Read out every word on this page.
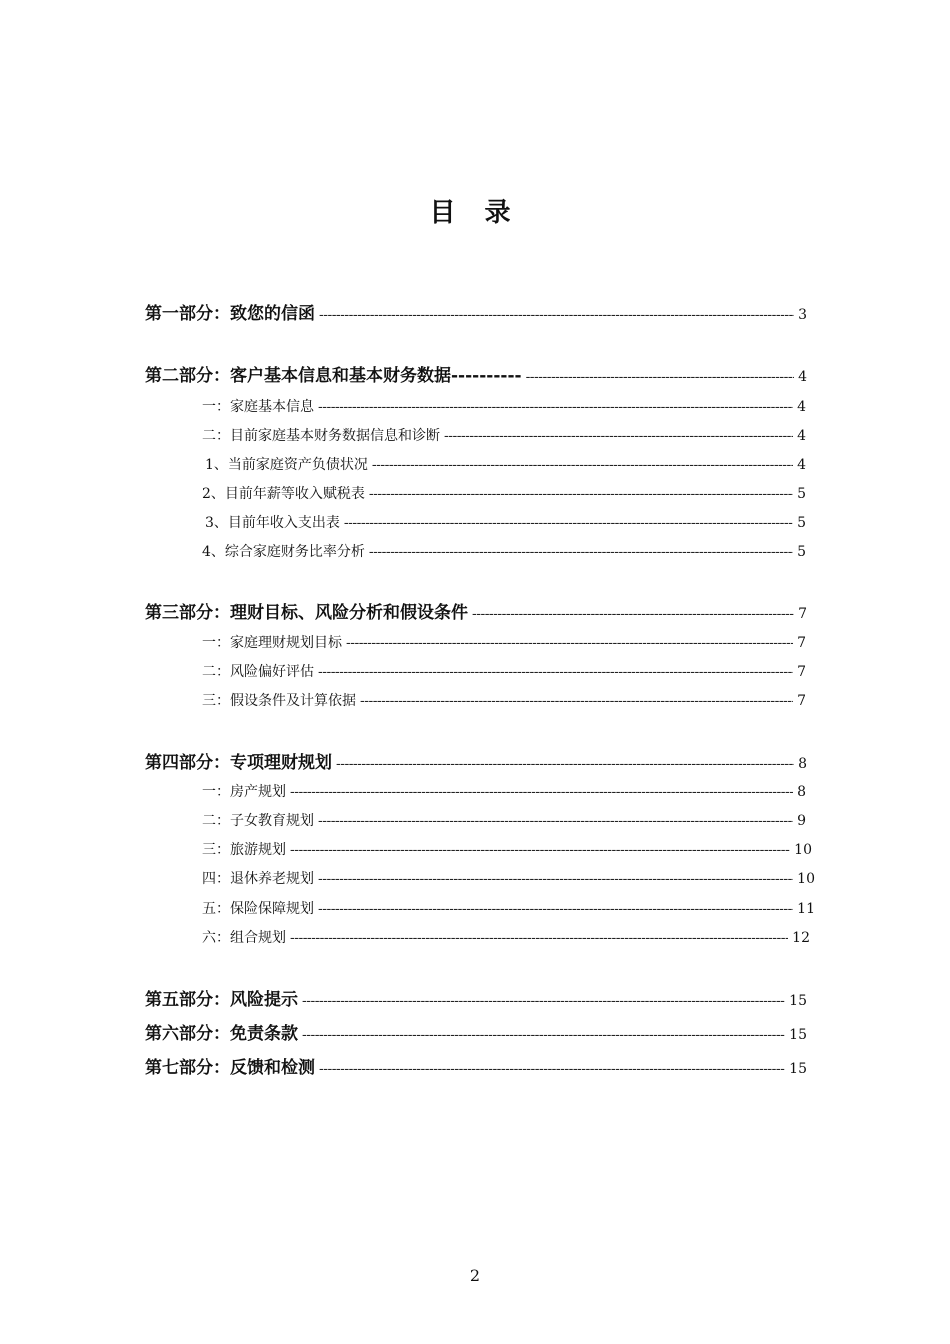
目 录
第一部分：致您的信函 -----	3
第二部分：客户基本信息和基本财务数据---------- -----	4
一：家庭基本信息 -----	4
二：目前家庭基本财务数据信息和诊断 -----	4
1、当前家庭资产负债状况 -----	4
2、目前年薪等收入赋税表 -----	5
3、目前年收入支出表 -----	5
4、综合家庭财务比率分析 -----	5
第三部分：理财目标、风险分析和假设条件 -----	7
一：家庭理财规划目标 -----	7
二：风险偏好评估 -----	7
三：假设条件及计算依据 -----	7
第四部分：专项理财规划 -----	8
一：房产规划 -----	8
二：子女教育规划 -----	9
三：旅游规划 -----	10
四：退休养老规划 -----	10
五：保险保障规划 -----	11
六：组合规划 -----	12
第五部分：风险提示 -----	15
第六部分：免责条款 -----	15
第七部分：反馈和检测 -----	15
2
